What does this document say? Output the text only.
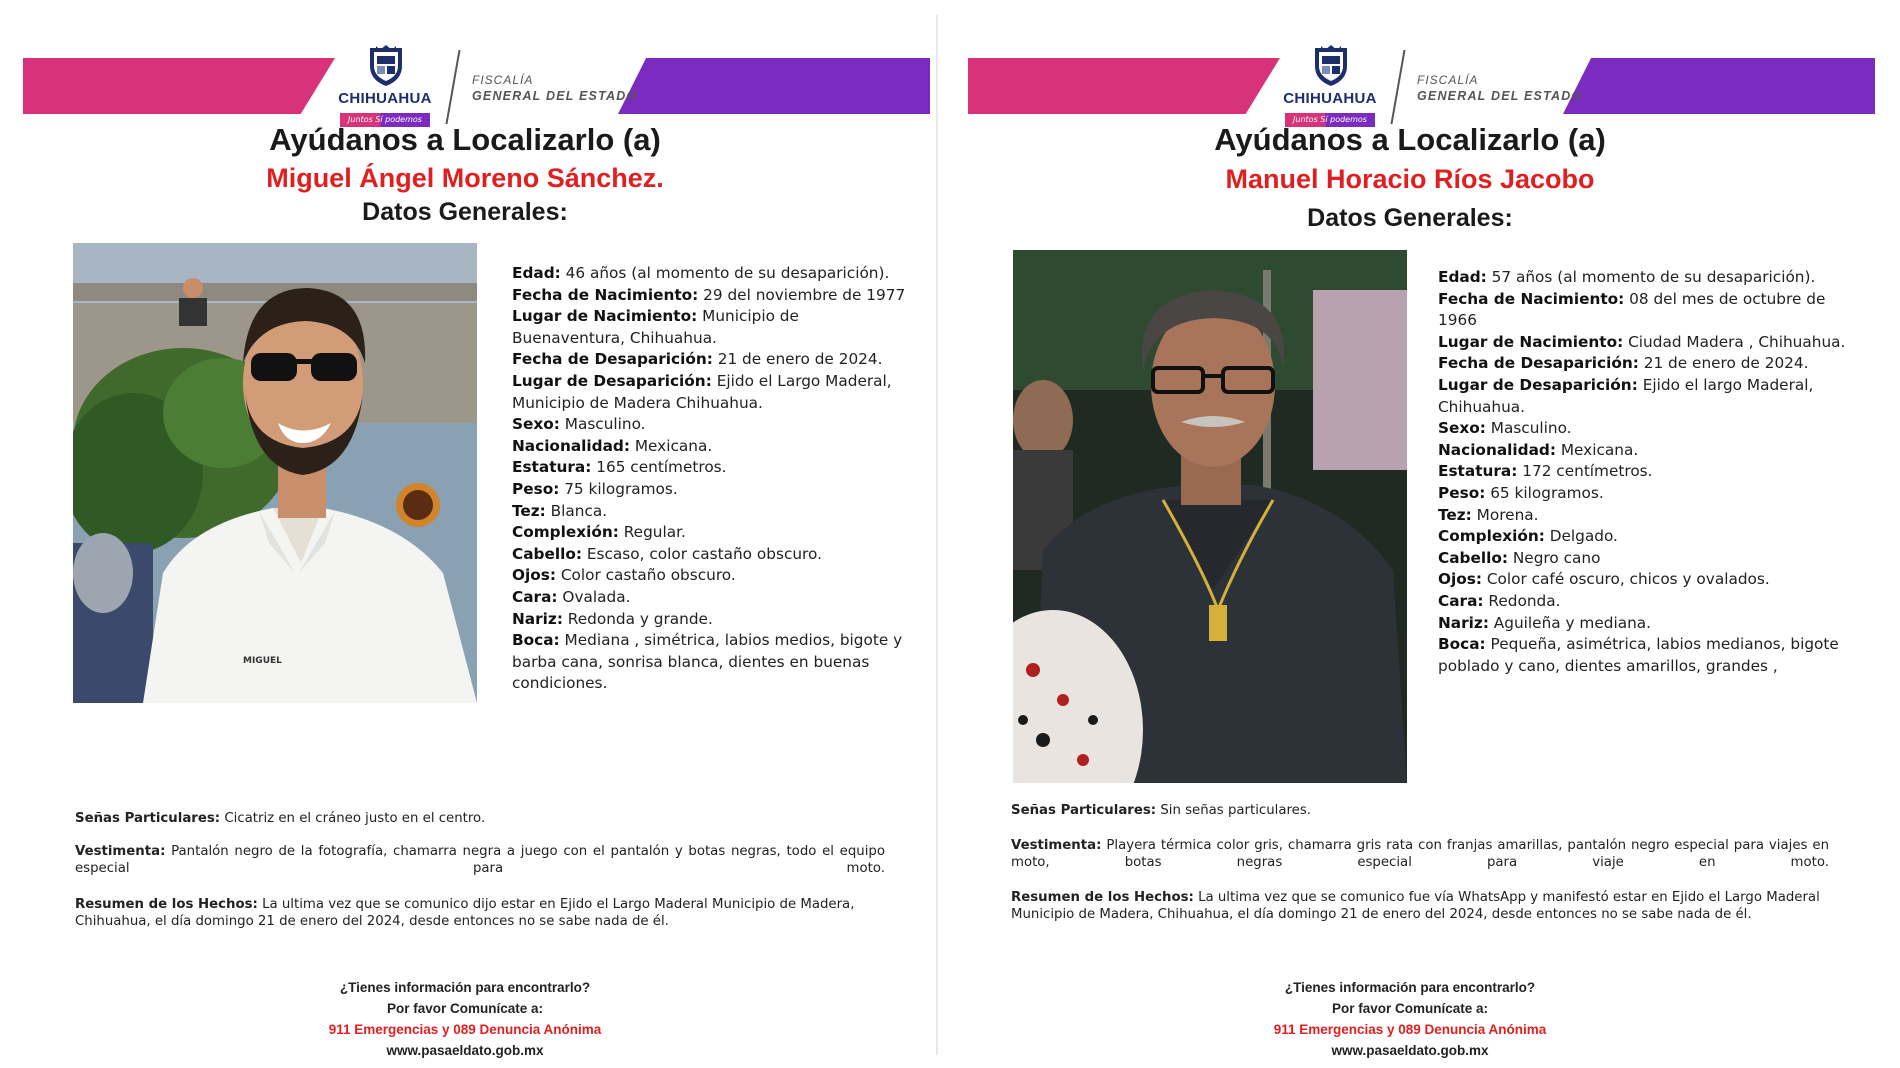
CHIHUAHUA
Juntos Sí podemos
FISCALÍA
GENERAL DEL ESTADO
Ayúdanos a Localizarlo (a)
Miguel Ángel Moreno Sánchez.
Datos Generales:
MIGUEL

Edad: 46 años (al momento de su desaparición).

Fecha de Nacimiento: 29 del noviembre de 1977

Lugar de Nacimiento: Municipio de Buenaventura, Chihuahua.

Fecha de Desaparición: 21 de enero de 2024.

Lugar de Desaparición: Ejido el Largo Maderal, Municipio de Madera Chihuahua.

Sexo: Masculino.

Nacionalidad: Mexicana.

Estatura: 165 centímetros.

Peso: 75 kilogramos.

Tez: Blanca.

Complexión: Regular.

Cabello: Escaso, color castaño obscuro.

Ojos: Color castaño obscuro.

Cara: Ovalada.

Nariz: Redonda y grande.

Boca: Mediana , simétrica, labios medios, bigote y barba cana, sonrisa blanca, dientes en buenas condiciones.

Señas Particulares: Cicatriz en el cráneo justo en el centro.
Vestimenta: Pantalón negro de la fotografía, chamarra negra a juego con el pantalón y botas negras, todo el equipo especial para moto.
Resumen de los Hechos: La ultima vez que se comunico dijo estar en Ejido el Largo Maderal Municipio de Madera, Chihuahua, el día domingo 21 de enero del 2024, desde entonces no se sabe nada de él.
¿Tienes información para encontrarlo?
Por favor Comunícate a:
911 Emergencias y 089 Denuncia Anónima
www.pasaeldato.gob.mx
CHIHUAHUA
Juntos Sí podemos
FISCALÍA
GENERAL DEL ESTADO
Ayúdanos a Localizarlo (a)
Manuel Horacio Ríos Jacobo
Datos Generales:

Edad: 57 años (al momento de su desaparición).

Fecha de Nacimiento: 08 del mes de octubre de 1966

Lugar de Nacimiento: Ciudad Madera , Chihuahua.

Fecha de Desaparición: 21 de enero de 2024.

Lugar de Desaparición: Ejido el largo Maderal, Chihuahua.

Sexo: Masculino.

Nacionalidad: Mexicana.

Estatura: 172 centímetros.

Peso: 65 kilogramos.

Tez: Morena.

Complexión: Delgado.

Cabello: Negro cano

Ojos: Color café oscuro, chicos y ovalados.

Cara: Redonda.

Nariz: Aguileña y mediana.

Boca: Pequeña, asimétrica, labios medianos, bigote poblado y cano, dientes amarillos, grandes ,

Señas Particulares: Sin señas particulares.
Vestimenta: Playera térmica color gris, chamarra gris rata con franjas amarillas, pantalón negro especial para viajes en moto, botas negras especial para viaje en moto.
Resumen de los Hechos: La ultima vez que se comunico fue vía WhatsApp y manifestó estar en Ejido el Largo Maderal Municipio de Madera, Chihuahua, el día domingo 21 de enero del 2024, desde entonces no se sabe nada de él.
¿Tienes información para encontrarlo?
Por favor Comunícate a:
911 Emergencias y 089 Denuncia Anónima
www.pasaeldato.gob.mx
